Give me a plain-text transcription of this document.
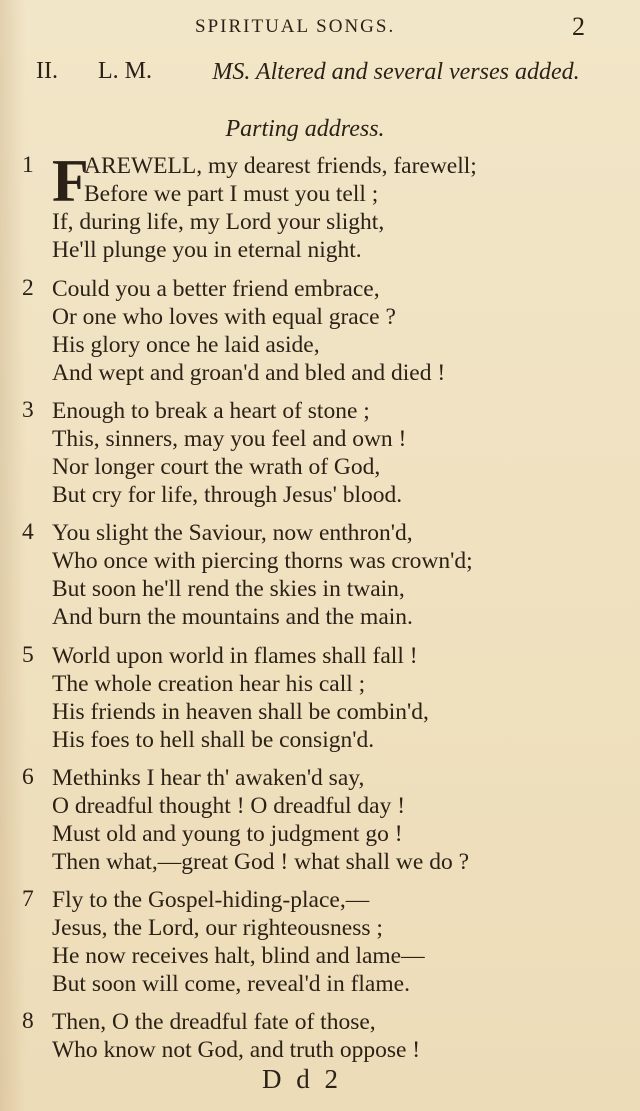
SPIRITUAL SONGS.	2
II. L. M.	MS. Altered and several verses added.
Parting address.
1 F
AREWELL, my dearest friends, farewell;
Before we part I must you tell ;
If, during life, my Lord your slight,
He'll plunge you in eternal night.
2 Could you a better friend embrace,
Or one who loves with equal grace ?
His glory once he laid aside,
And wept and groan'd and bled and died !
3 Enough to break a heart of stone ;
This, sinners, may you feel and own !
Nor longer court the wrath of God,
But cry for life, through Jesus' blood.
4 You slight the Saviour, now enthron'd,
Who once with piercing thorns was crown'd;
But soon he'll rend the skies in twain,
And burn the mountains and the main.
5 World upon world in flames shall fall !
The whole creation hear his call ;
His friends in heaven shall be combin'd,
His foes to hell shall be consign'd.
6 Methinks I hear th' awaken'd say,
O dreadful thought ! O dreadful day !
Must old and young to judgment go !
Then what,—great God ! what shall we do ?
7 Fly to the Gospel-hiding-place,—
Jesus, the Lord, our righteousness ;
He now receives halt, blind and lame—
But soon will come, reveal'd in flame.
8 Then, O the dreadful fate of those,
Who know not God, and truth oppose !
D d 2
